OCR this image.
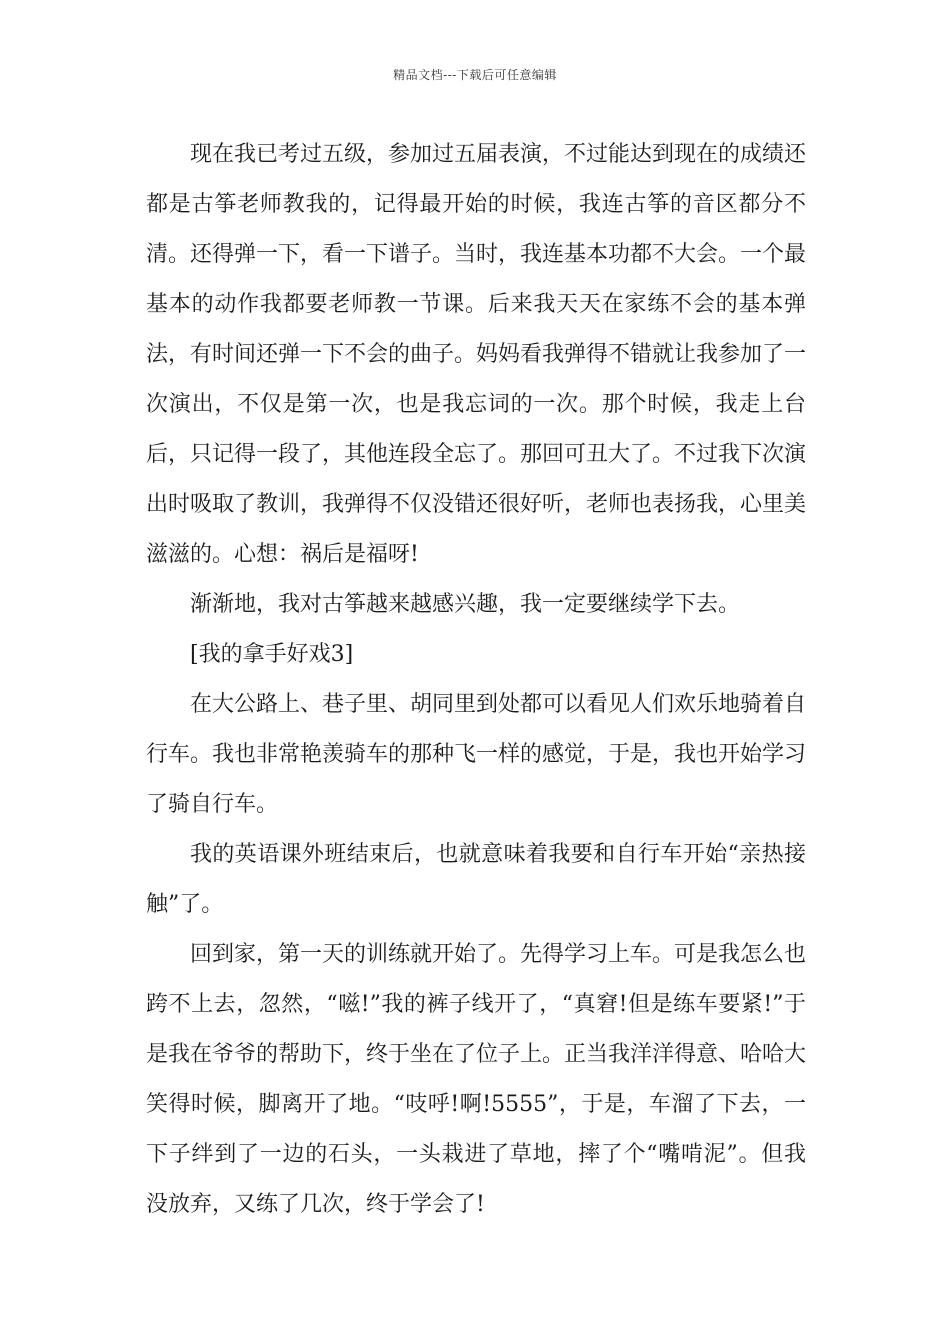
精品文档---下载后可任意编辑

现在我已考过五级，参加过五届表演，不过能达到现在的成绩还都是古筝老师教我的，记得最开始的时候，我连古筝的音区都分不清。还得弹一下，看一下谱子。当时，我连基本功都不大会。一个最基本的动作我都要老师教一节课。后来我天天在家练不会的基本弹法，有时间还弹一下不会的曲子。妈妈看我弹得不错就让我参加了一次演出，不仅是第一次，也是我忘词的一次。那个时候，我走上台后，只记得一段了，其他连段全忘了。那回可丑大了。不过我下次演出时吸取了教训，我弹得不仅没错还很好听，老师也表扬我，心里美滋滋的。心想：祸后是福呀!

渐渐地，我对古筝越来越感兴趣，我一定要继续学下去。

[我的拿手好戏3]

在大公路上、巷子里、胡同里到处都可以看见人们欢乐地骑着自行车。我也非常艳羡骑车的那种飞一样的感觉，于是，我也开始学习了骑自行车。

我的英语课外班结束后，也就意味着我要和自行车开始“亲热接触”了。

回到家，第一天的训练就开始了。先得学习上车。可是我怎么也跨不上去，忽然，“嗞!”我的裤子线开了，“真窘!但是练车要紧!”于是我在爷爷的帮助下，终于坐在了位子上。正当我洋洋得意、哈哈大笑得时候，脚离开了地。“吱呼!啊!5555”，于是，车溜了下去，一下子绊到了一边的石头，一头栽进了草地，摔了个“嘴啃泥”。但我没放弃，又练了几次，终于学会了!
